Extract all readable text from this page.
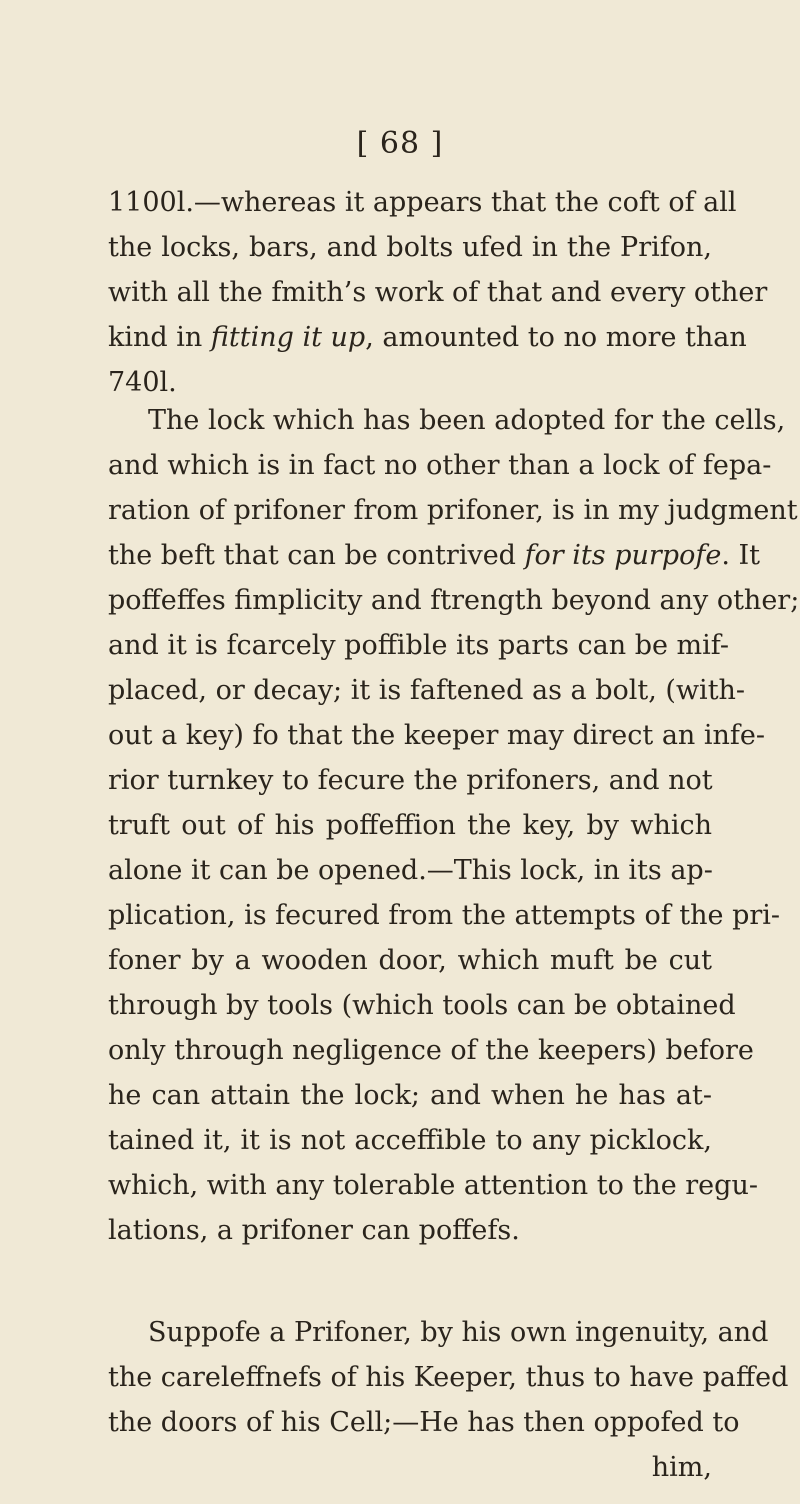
[ 68 ]
1100l.—whereas it appears that the coft of all
the locks, bars, and bolts ufed in the Prifon,
with all the fmith’s work of that and every other
kind in fitting it up, amounted to no more than
740l.
The lock which has been adopted for the cells,
and which is in fact no other than a lock of fepa-
ration of prifoner from prifoner, is in my judgment
the beft that can be contrived for its purpofe. It
poffeffes fimplicity and ftrength beyond any other;
and it is fcarcely poffible its parts can be mif-
placed, or decay; it is faftened as a bolt, (with-
out a key) fo that the keeper may direct an infe-
rior turnkey to fecure the prifoners, and not
truft out of his poffeffion the key, by which
alone it can be opened.—This lock, in its ap-
plication, is fecured from the attempts of the pri-
foner by a wooden door, which muft be cut
through by tools (which tools can be obtained
only through negligence of the keepers) before
he can attain the lock; and when he has at-
tained it, it is not acceffible to any picklock,
which, with any tolerable attention to the regu-
lations, a prifoner can poffefs.
Suppofe a Prifoner, by his own ingenuity, and
the careleffnefs of his Keeper, thus to have paffed
the doors of his Cell;—He has then oppofed to
him,
